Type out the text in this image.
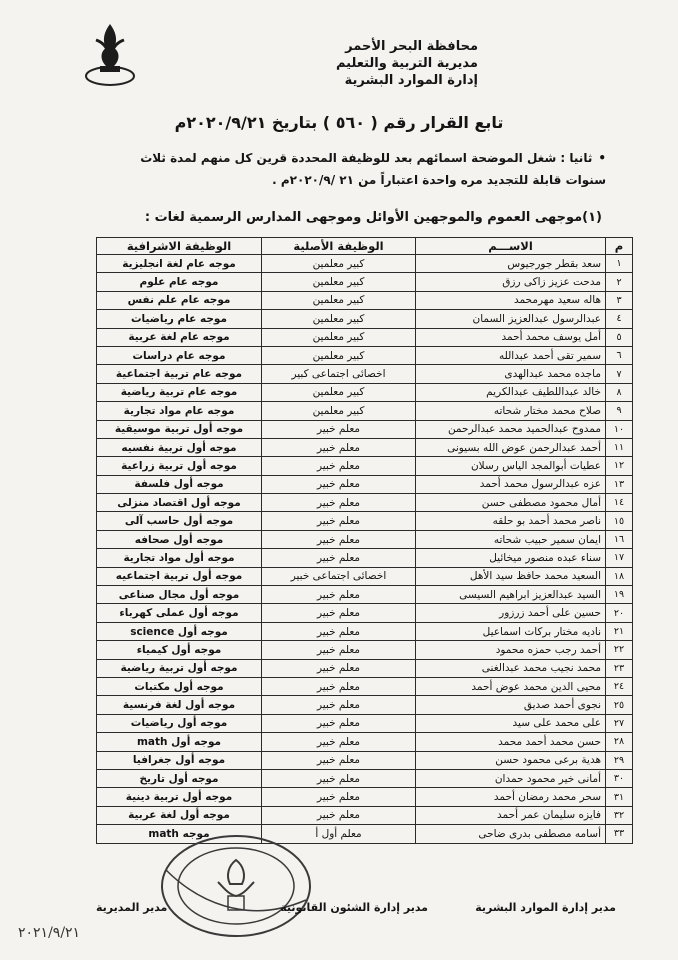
محافظة البحر الأحمر
مديرية التربية والتعليم
إدارة الموارد البشرية
تابع القرار رقم ( ٥٦٠ ) بتاريخ ٢٠٢٠/٩/٢١م
•ثانيا : شغل الموضحة اسمائهم بعد للوظيفة المحددة قرين كل منهم لمدة ثلاث
سنوات قابلة للتجديد مره واحدة اعتباراً من ٢١ /٢٠٢٠/٩م .
(١)موجهى العموم والموجهين الأوائل وموجهى المدارس الرسمية لغات :
م	الاســـم	الوظيفة الأصلية	الوظيفة الاشرافية
١	سعد بقطر جورجيوس	كبير معلمين	موجه عام لغة انجليزية
٢	مدحت عزيز زاكى رزق	كبير معلمين	موجه عام علوم
٣	هاله سعيد مهرمحمد	كبير معلمين	موجه عام علم نفس
٤	عبدالرسول عبدالعزيز السمان	كبير معلمين	موجه عام رياضيات
٥	أمل يوسف محمد أحمد	كبير معلمين	موجه عام لغة عربية
٦	سمير تقى أحمد عبدالله	كبير معلمين	موجه عام دراسات
٧	ماجده محمد عبدالهدى	اخصائى اجتماعى كبير	موجه عام تربية اجتماعية
٨	خالد عبداللطيف عبدالكريم	كبير معلمين	موجه عام تربية رياضية
٩	صلاح محمد مختار شحاته	كبير معلمين	موجه عام مواد تجارية
١٠	ممدوح عبدالحميد محمد عبدالرحمن	معلم خبير	موجه أول تربية موسيقية
١١	أحمد عبدالرحمن عوض الله بسيونى	معلم خبير	موجه أول تربية نفسيه
١٢	عطيات أبوالمجد الياس رسلان	معلم خبير	موجه أول تربية زراعية
١٣	عزه عبدالرسول محمد أحمد	معلم خبير	موجه أول فلسفة
١٤	أمال محمود مصطفى حسن	معلم خبير	موجه أول اقتصاد منزلى
١٥	ناصر محمد أحمد بو حلقه	معلم خبير	موجه أول حاسب آلى
١٦	ايمان سمير حبيب شحاته	معلم خبير	موجه أول صحافه
١٧	سناء عبده منصور ميخائيل	معلم خبير	موجه أول مواد تجارية
١٨	السعيد محمد حافظ سيد الأهل	اخصائى اجتماعى خبير	موجه أول تربية اجتماعيه
١٩	السيد عبدالعزيز ابراهيم السيسى	معلم خبير	موجه أول مجال صناعى
٢٠	حسين على أحمد زرزور	معلم خبير	موجه أول عملى كهرباء
٢١	ناديه مختار بركات اسماعيل	معلم خبير	موجه أول science
٢٢	أحمد رجب حمزه محمود	معلم خبير	موجه أول كيمياء
٢٣	محمد نجيب محمد عبدالغنى	معلم خبير	موجه أول تربية رياضية
٢٤	محيى الدين محمد عوض أحمد	معلم خبير	موجه أول مكتبات
٢٥	نجوى أحمد صديق	معلم خبير	موجه أول لغة فرنسية
٢٧	على محمد على سيد	معلم خبير	موجه أول رياضيات
٢٨	حسن محمد أحمد محمد	معلم خبير	موجه أول math
٢٩	هدية برعى محمود حسن	معلم خبير	موجه أول جغرافيا
٣٠	أمانى خير محمود حمدان	معلم خبير	موجه أول تاريخ
٣١	سحر محمد رمضان أحمد	معلم خبير	موجه أول تربية دينية
٣٢	فايزه سليمان عمر أحمد	معلم خبير	موجه أول لغة عربية
٣٣	أسامه مصطفى بدرى ضاحى	معلم أول أ	موجه math
مدير إدارة الموارد البشرية
مدير إدارة الشئون القانونية
مدير المديرية
٢٠٢١/٩/٢١
